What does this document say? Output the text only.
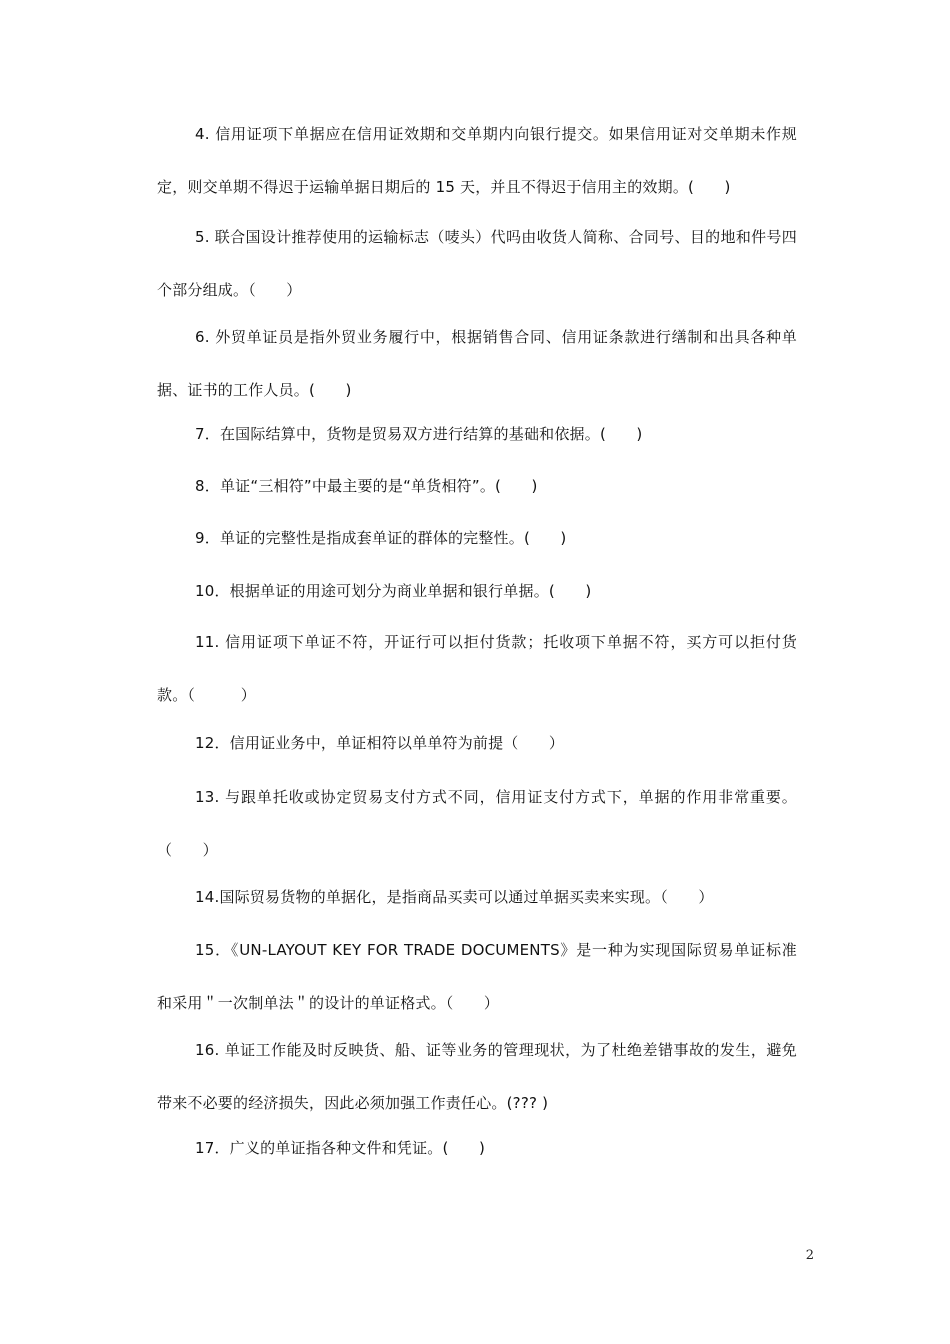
4. 信用证项下单据应在信用证效期和交单期内向银行提交。如果信用证对交单期未作规定，则交单期不得迟于运输单据日期后的 15 天，并且不得迟于信用主的效期。(　　)

5. 联合国设计推荐使用的运输标志（唛头）代吗由收货人简称、合同号、目的地和件号四个部分组成。（　　）

6. 外贸单证员是指外贸业务履行中，根据销售合同、信用证条款进行缮制和出具各种单据、证书的工作人员。(　　)

7．在国际结算中，货物是贸易双方进行结算的基础和依据。(　　)

8．单证“三相符”中最主要的是“单货相符”。(　　)

9．单证的完整性是指成套单证的群体的完整性。(　　)

10．根据单证的用途可划分为商业单据和银行单据。(　　)

11. 信用证项下单证不符，开证行可以拒付货款；托收项下单据不符，买方可以拒付货款。（　　　）

12．信用证业务中，单证相符以单单符为前提（　　）

13. 与跟单托收或协定贸易支付方式不同，信用证支付方式下，单据的作用非常重要。（　　）

14.国际贸易货物的单据化，是指商品买卖可以通过单据买卖来实现。（　　）

15．《UN-LAYOUT KEY FOR TRADE DOCUMENTS》是一种为实现国际贸易单证标准和采用＂一次制单法＂的设计的单证格式。（　　）

16. 单证工作能及时反映货、船、证等业务的管理现状，为了杜绝差错事故的发生，避免带来不必要的经济损失，因此必须加强工作责任心。(??? )

17．广义的单证指各种文件和凭证。(　　)

2
